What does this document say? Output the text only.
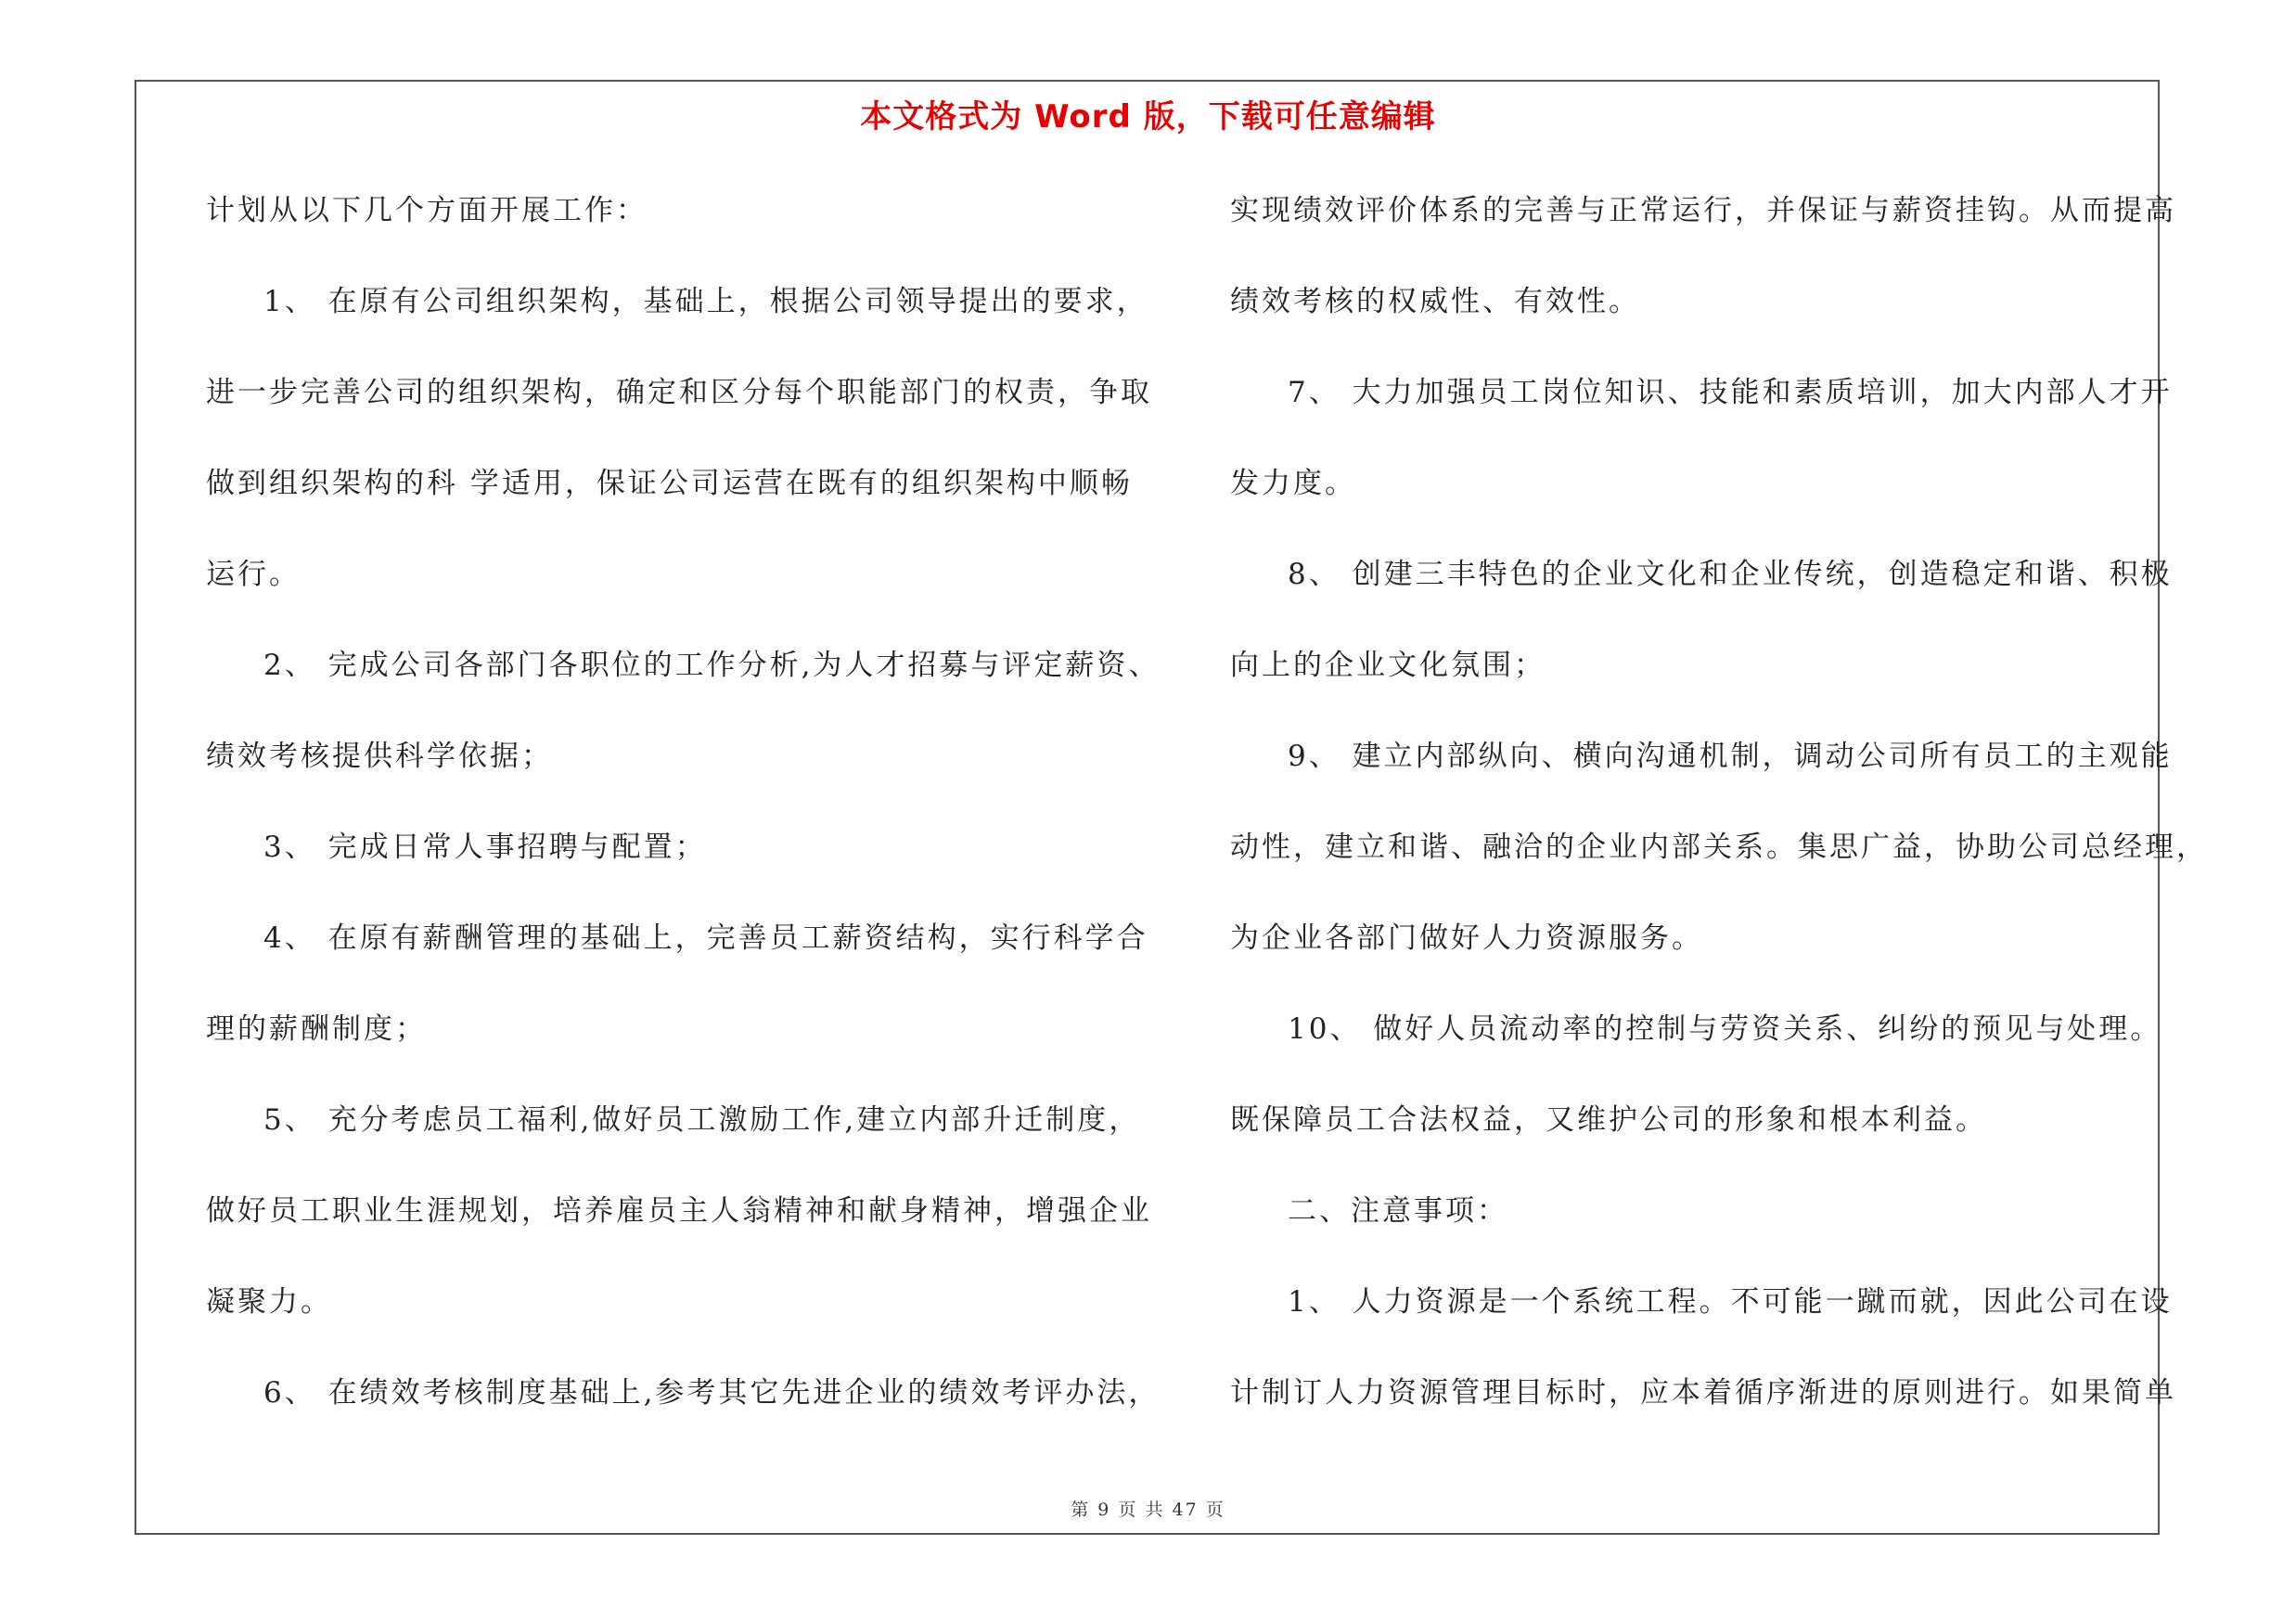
本文格式为 Word 版，下载可任意编辑
计划从以下几个方面开展工作：
1、 在原有公司组织架构，基础上，根据公司领导提出的要求，
进一步完善公司的组织架构，确定和区分每个职能部门的权责，争取
做到组织架构的科 学适用，保证公司运营在既有的组织架构中顺畅
运行。
2、 完成公司各部门各职位的工作分析,为人才招募与评定薪资、
绩效考核提供科学依据；
3、 完成日常人事招聘与配置；
4、 在原有薪酬管理的基础上，完善员工薪资结构，实行科学合
理的薪酬制度；
5、 充分考虑员工福利,做好员工激励工作,建立内部升迁制度，
做好员工职业生涯规划，培养雇员主人翁精神和献身精神，增强企业
凝聚力。
6、 在绩效考核制度基础上,参考其它先进企业的绩效考评办法，
实现绩效评价体系的完善与正常运行，并保证与薪资挂钩。从而提高
绩效考核的权威性、有效性。
7、 大力加强员工岗位知识、技能和素质培训，加大内部人才开
发力度。
8、 创建三丰特色的企业文化和企业传统，创造稳定和谐、积极
向上的企业文化氛围；
9、 建立内部纵向、横向沟通机制，调动公司所有员工的主观能
动性，建立和谐、融洽的企业内部关系。集思广益，协助公司总经理，
为企业各部门做好人力资源服务。
10、 做好人员流动率的控制与劳资关系、纠纷的预见与处理。
既保障员工合法权益，又维护公司的形象和根本利益。
二、注意事项：
1、 人力资源是一个系统工程。不可能一蹴而就，因此公司在设
计制订人力资源管理目标时，应本着循序渐进的原则进行。如果简单
第 9 页 共 47 页
